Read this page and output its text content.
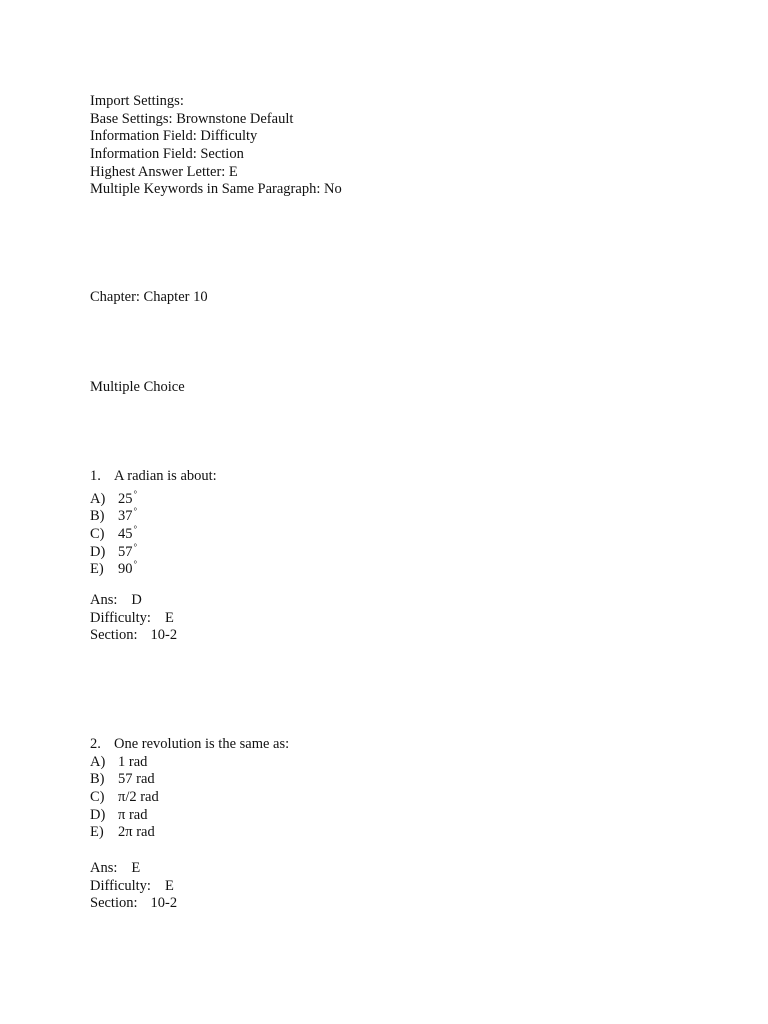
Import Settings:
Base Settings: Brownstone Default
Information Field: Difficulty
Information Field: Section
Highest Answer Letter: E
Multiple Keywords in Same Paragraph: No
Chapter: Chapter 10
Multiple Choice
1. A radian is about:
A) 25°
B) 37°
C) 45°
D) 57°
E) 90°
Ans: D
Difficulty: E
Section: 10-2
2. One revolution is the same as:
A) 1 rad
B) 57 rad
C) π/2 rad
D) π rad
E) 2π rad
Ans: E
Difficulty: E
Section: 10-2
